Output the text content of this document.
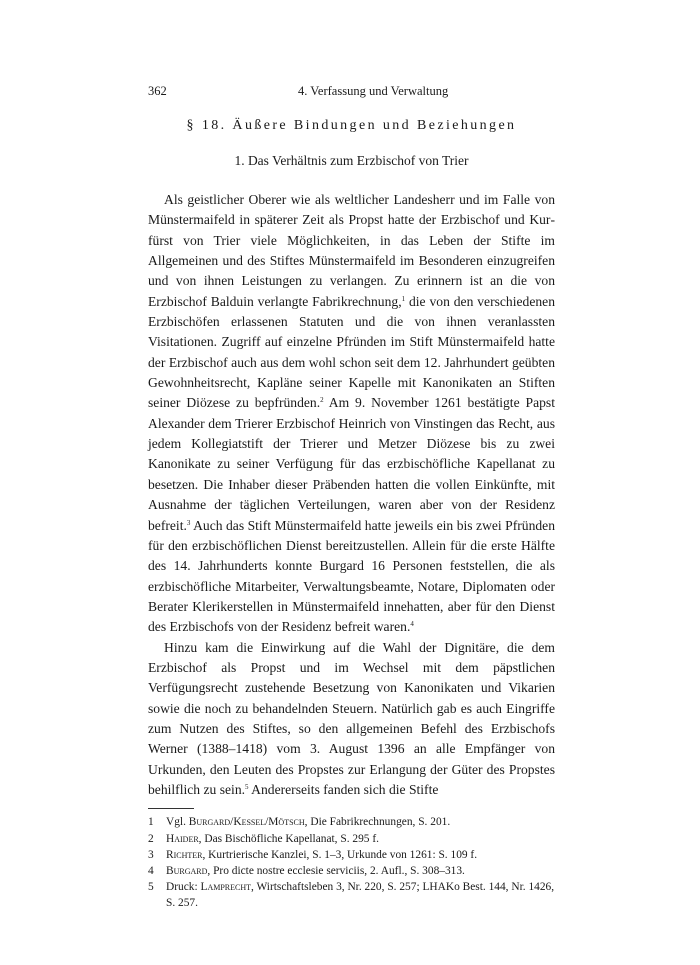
362	4. Verfassung und Verwaltung
§ 18. Äußere Bindungen und Beziehungen
1. Das Verhältnis zum Erzbischof von Trier

Als geistlicher Oberer wie als weltlicher Landesherr und im Falle von Münstermaifeld in späterer Zeit als Propst hatte der Erzbischof und Kurfürst von Trier viele Möglichkeiten, in das Leben der Stifte im Allgemeinen und des Stiftes Münstermaifeld im Besonderen einzugreifen und von ihnen Leistungen zu verlangen. Zu erinnern ist an die von Erzbischof Balduin verlangte Fabrikrechnung,$^1$ die von den verschiedenen Erzbischöfen erlassenen Statuten und die von ihnen veranlassten Visitationen. Zugriff auf einzelne Pfründen im Stift Münstermaifeld hatte der Erzbischof auch aus dem wohl schon seit dem 12. Jahrhundert geübten Gewohnheitsrecht, Kapläne seiner Kapelle mit Kanonikaten an Stiften seiner Diözese zu bepfründen.$^2$ Am 9. November 1261 bestätigte Papst Alexander dem Trierer Erzbischof Heinrich von Vinstingen das Recht, aus jedem Kollegiatstift der Trierer und Metzer Diözese bis zu zwei Kanonikate zu seiner Verfügung für das erzbischöfliche Kapellanat zu besetzen. Die Inhaber dieser Präbenden hatten die vollen Einkünfte, mit Ausnahme der täglichen Verteilungen, waren aber von der Residenz befreit.$^3$ Auch das Stift Münstermaifeld hatte jeweils ein bis zwei Pfründen für den erzbischöflichen Dienst bereitzustellen. Allein für die erste Hälfte des 14. Jahrhunderts konnte Burgard 16 Personen feststellen, die als erzbischöfliche Mitarbeiter, Verwaltungsbeamte, Notare, Diplomaten oder Berater Klerikerstellen in Münstermaifeld innehatten, aber für den Dienst des Erzbischofs von der Residenz befreit waren.$^4$

Hinzu kam die Einwirkung auf die Wahl der Dignitäre, die dem Erzbischof als Propst und im Wechsel mit dem päpstlichen Verfügungsrecht zustehende Besetzung von Kanonikaten und Vikarien sowie die noch zu behandelnden Steuern. Natürlich gab es auch Eingriffe zum Nutzen des Stiftes, so den allgemeinen Befehl des Erzbischofs Werner (1388–1418) vom 3. August 1396 an alle Empfänger von Urkunden, den Leuten des Propstes zur Erlangung der Güter des Propstes behilflich zu sein.$^5$ Andererseits fanden sich die Stifte

1	Vgl. Burgard/Kessel/Mötsch, Die Fabrikrechnungen, S. 201.
2	Haider, Das Bischöfliche Kapellanat, S. 295 f.
3	Richter, Kurtrierische Kanzlei, S. 1–3, Urkunde von 1261: S. 109 f.
4	Burgard, Pro dicte nostre ecclesie serviciis, 2. Aufl., S. 308–313.
5	Druck: Lamprecht, Wirtschaftsleben 3, Nr. 220, S. 257; LHAKo Best. 144, Nr. 1426, S. 257.
